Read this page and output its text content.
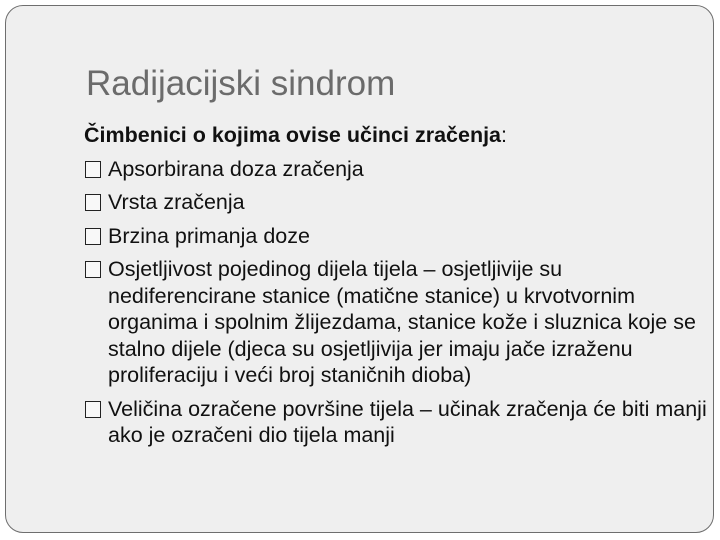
Radijacijski sindrom
Čimbenici o kojima ovise učinci zračenja:
Apsorbirana doza zračenja
Vrsta zračenja
Brzina primanja doze
Osjetljivost pojedinog dijela tijela – osjetljivije su nediferencirane stanice (matične stanice) u krvotvornim organima i spolnim žlijezdama, stanice kože i sluznica koje se stalno dijele (djeca su osjetljivija jer imaju jače izraženu proliferaciju i veći broj staničnih dioba)
Veličina ozračene površine tijela – učinak zračenja će biti manji ako je ozračeni dio tijela manji
